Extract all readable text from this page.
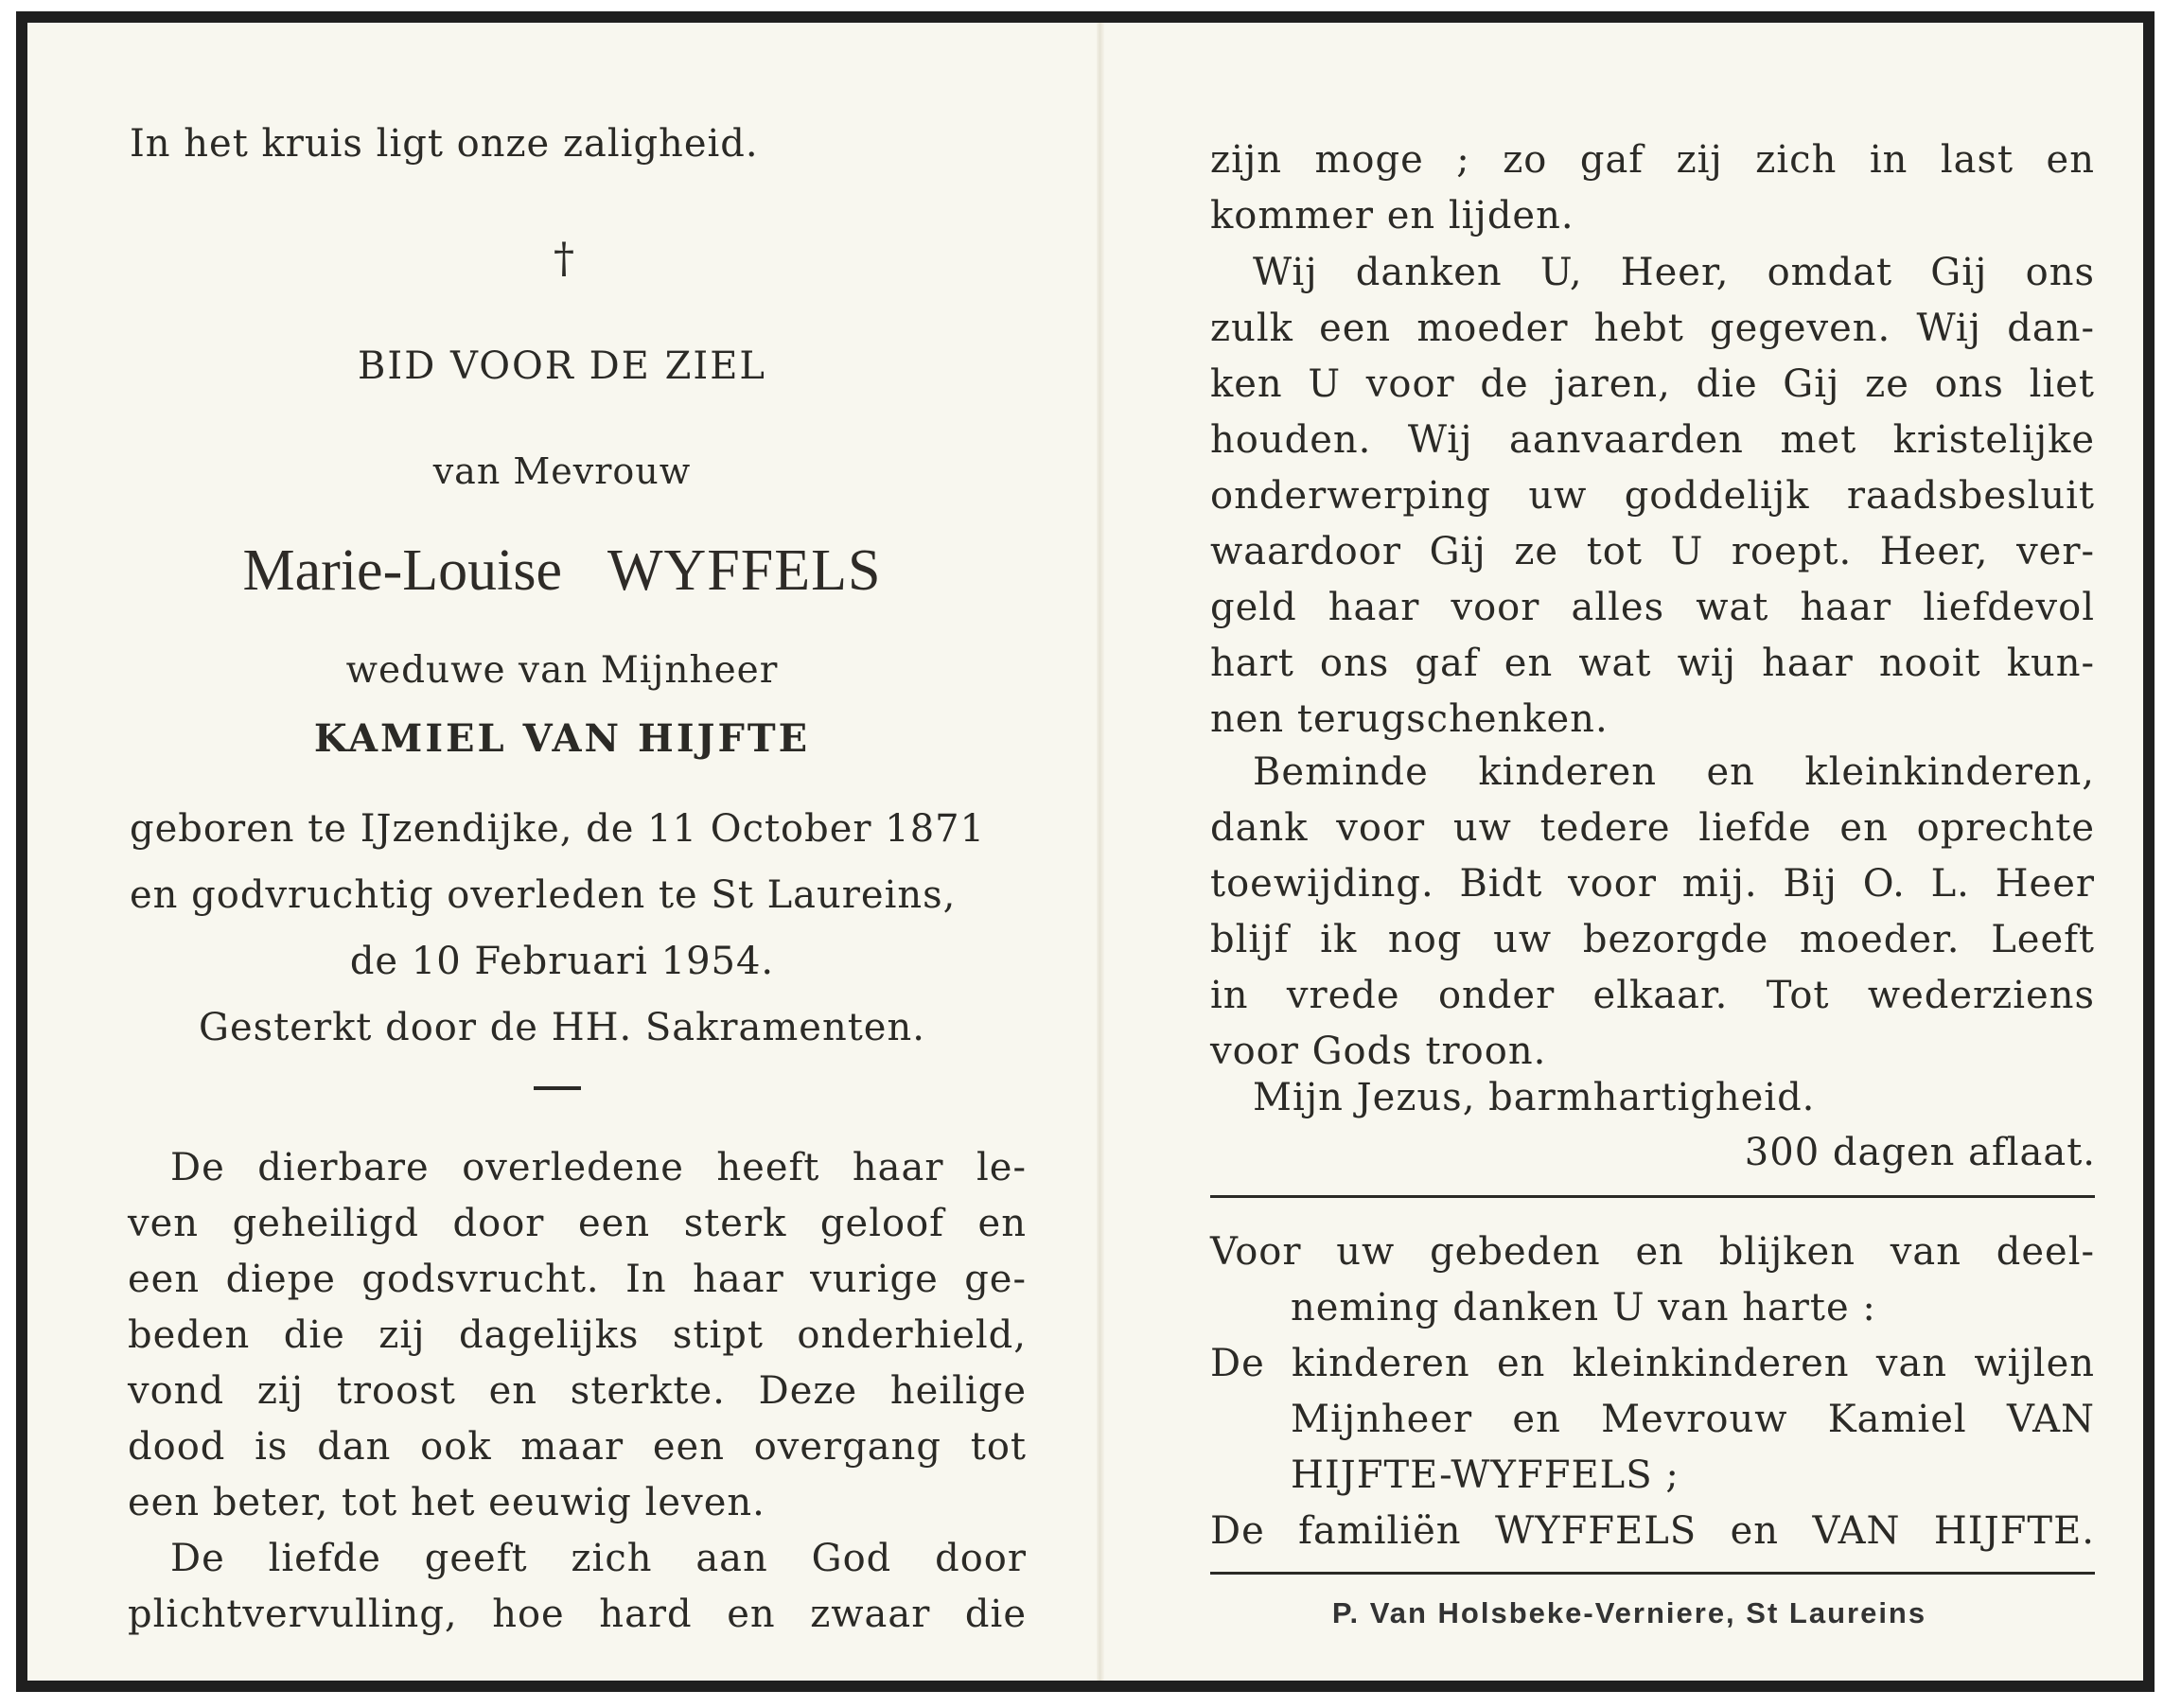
In het kruis ligt onze zaligheid.
†
BID VOOR DE ZIEL
van Mevrouw
Marie-Louise WYFFELS
weduwe van Mijnheer
KAMIEL VAN HIJFTE
geboren te IJzendijke, de 11 October 1871
en godvruchtig overleden te St Laureins,
de 10 Februari 1954.
Gesterkt door de HH. Sakramenten.
De dierbare overledene heeft haar le-
ven geheiligd door een sterk geloof en
een diepe godsvrucht. In haar vurige ge-
beden die zij dagelijks stipt onderhield,
vond zij troost en sterkte. Deze heilige
dood is dan ook maar een overgang tot
een beter, tot het eeuwig leven.
De liefde geeft zich aan God door
plichtvervulling, hoe hard en zwaar die
zijn moge ; zo gaf zij zich in last en
kommer en lijden.
Wij danken U, Heer, omdat Gij ons
zulk een moeder hebt gegeven. Wij dan-
ken U voor de jaren, die Gij ze ons liet
houden. Wij aanvaarden met kristelijke
onderwerping uw goddelijk raadsbesluit
waardoor Gij ze tot U roept. Heer, ver-
geld haar voor alles wat haar liefdevol
hart ons gaf en wat wij haar nooit kun-
nen terugschenken.
Beminde kinderen en kleinkinderen,
dank voor uw tedere liefde en oprechte
toewijding. Bidt voor mij. Bij O. L. Heer
blijf ik nog uw bezorgde moeder. Leeft
in vrede onder elkaar. Tot wederziens
voor Gods troon.
Mijn Jezus, barmhartigheid.
300 dagen aflaat.
Voor uw gebeden en blijken van deel-
neming danken U van harte :
De kinderen en kleinkinderen van wijlen
Mijnheer en Mevrouw Kamiel VAN
HIJFTE-WYFFELS ;
De familiën WYFFELS en VAN HIJFTE.
P. Van Holsbeke-Verniere, St Laureins
